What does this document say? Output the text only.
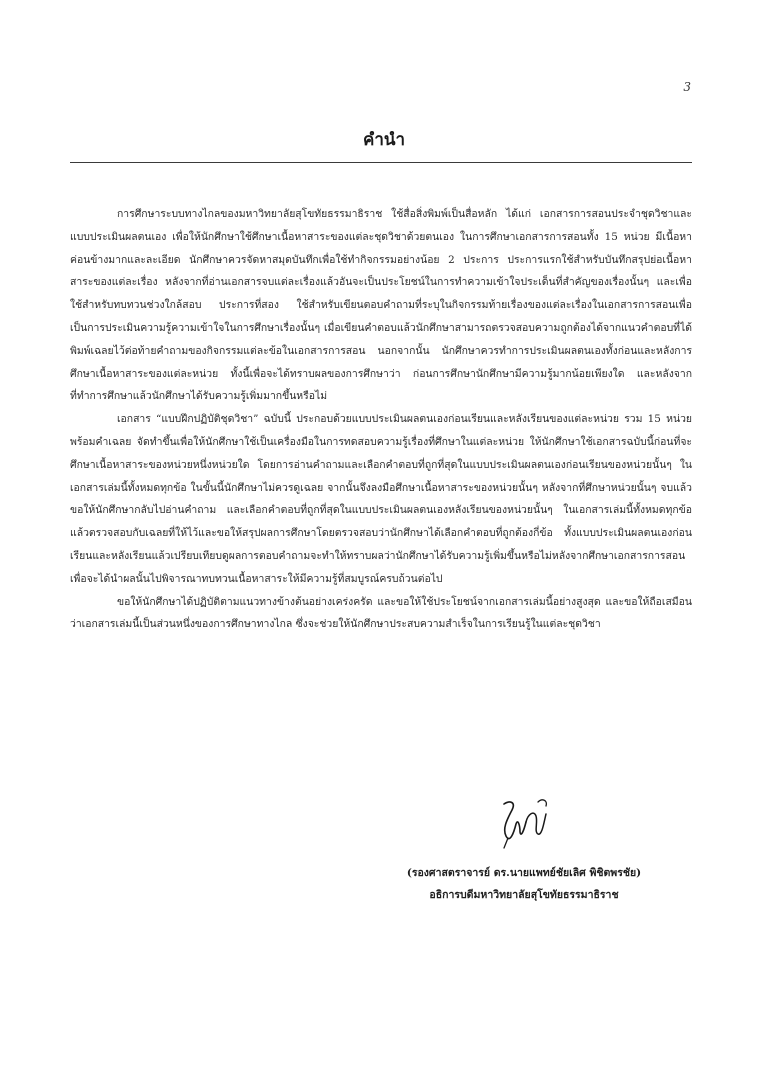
3
คำนำ

การศึกษาระบบทางไกลของมหาวิทยาลัยสุโขทัยธรรมาธิราช ใช้สื่อสิ่งพิมพ์เป็นสื่อหลัก ได้แก่ เอกสารการสอนประจำชุดวิชาและแบบประเมินผลตนเอง เพื่อให้นักศึกษาใช้ศึกษาเนื้อหาสาระของแต่ละชุดวิชาด้วยตนเอง ในการศึกษาเอกสารการสอนทั้ง 15 หน่วย มีเนื้อหาค่อนข้างมากและละเอียด นักศึกษาควรจัดหาสมุดบันทึกเพื่อใช้ทำกิจกรรมอย่างน้อย 2 ประการ ประการแรกใช้สำหรับบันทึกสรุปย่อเนื้อหาสาระของแต่ละเรื่อง หลังจากที่อ่านเอกสารจบแต่ละเรื่องแล้วอันจะเป็นประโยชน์ในการทำความเข้าใจประเด็นที่สำคัญของเรื่องนั้นๆ และเพื่อใช้สำหรับทบทวนช่วงใกล้สอบ ประการที่สอง ใช้สำหรับเขียนตอบคำถามที่ระบุในกิจกรรมท้ายเรื่องของแต่ละเรื่องในเอกสารการสอนเพื่อเป็นการประเมินความรู้ความเข้าใจในการศึกษาเรื่องนั้นๆ เมื่อเขียนคำตอบแล้วนักศึกษาสามารถตรวจสอบความถูกต้องได้จากแนวคำตอบที่ได้พิมพ์เฉลยไว้ต่อท้ายคำถามของกิจกรรมแต่ละข้อในเอกสารการสอน นอกจากนั้น นักศึกษาควรทำการประเมินผลตนเองทั้งก่อนและหลังการศึกษาเนื้อหาสาระของแต่ละหน่วย ทั้งนี้เพื่อจะได้ทราบผลของการศึกษาว่า ก่อนการศึกษานักศึกษามีความรู้มากน้อยเพียงใด และหลังจากที่ทำการศึกษาแล้วนักศึกษาได้รับความรู้เพิ่มมากขึ้นหรือไม่

เอกสาร “แบบฝึกปฏิบัติชุดวิชา” ฉบับนี้ ประกอบด้วยแบบประเมินผลตนเองก่อนเรียนและหลังเรียนของแต่ละหน่วย รวม 15 หน่วย พร้อมคำเฉลย จัดทำขึ้นเพื่อให้นักศึกษาใช้เป็นเครื่องมือในการทดสอบความรู้เรื่องที่ศึกษาในแต่ละหน่วย ให้นักศึกษาใช้เอกสารฉบับนี้ก่อนที่จะศึกษาเนื้อหาสาระของหน่วยหนึ่งหน่วยใด โดยการอ่านคำถามและเลือกคำตอบที่ถูกที่สุดในแบบประเมินผลตนเองก่อนเรียนของหน่วยนั้นๆ ในเอกสารเล่มนี้ทั้งหมดทุกข้อ ในขั้นนี้นักศึกษาไม่ควรดูเฉลย จากนั้นจึงลงมือศึกษาเนื้อหาสาระของหน่วยนั้นๆ หลังจากที่ศึกษาหน่วยนั้นๆ จบแล้ว ขอให้นักศึกษากลับไปอ่านคำถาม และเลือกคำตอบที่ถูกที่สุดในแบบประเมินผลตนเองหลังเรียนของหน่วยนั้นๆ ในเอกสารเล่มนี้ทั้งหมดทุกข้อแล้วตรวจสอบกับเฉลยที่ให้ไว้และขอให้สรุปผลการศึกษาโดยตรวจสอบว่านักศึกษาได้เลือกคำตอบที่ถูกต้องกี่ข้อ ทั้งแบบประเมินผลตนเองก่อนเรียนและหลังเรียนแล้วเปรียบเทียบดูผลการตอบคำถามจะทำให้ทราบผลว่านักศึกษาได้รับความรู้เพิ่มขึ้นหรือไม่หลังจากศึกษาเอกสารการสอน เพื่อจะได้นำผลนั้นไปพิจารณาทบทวนเนื้อหาสาระให้มีความรู้ที่สมบูรณ์ครบถ้วนต่อไป

ขอให้นักศึกษาได้ปฏิบัติตามแนวทางข้างต้นอย่างเคร่งครัด และขอให้ใช้ประโยชน์จากเอกสารเล่มนี้อย่างสูงสุด และขอให้ถือเสมือนว่าเอกสารเล่มนี้เป็นส่วนหนึ่งของการศึกษาทางไกล ซึ่งจะช่วยให้นักศึกษาประสบความสำเร็จในการเรียนรู้ในแต่ละชุดวิชา

(รองศาสตราจารย์ ดร.นายแพทย์ชัยเลิศ พิชิตพรชัย)
อธิการบดีมหาวิทยาลัยสุโขทัยธรรมาธิราช
